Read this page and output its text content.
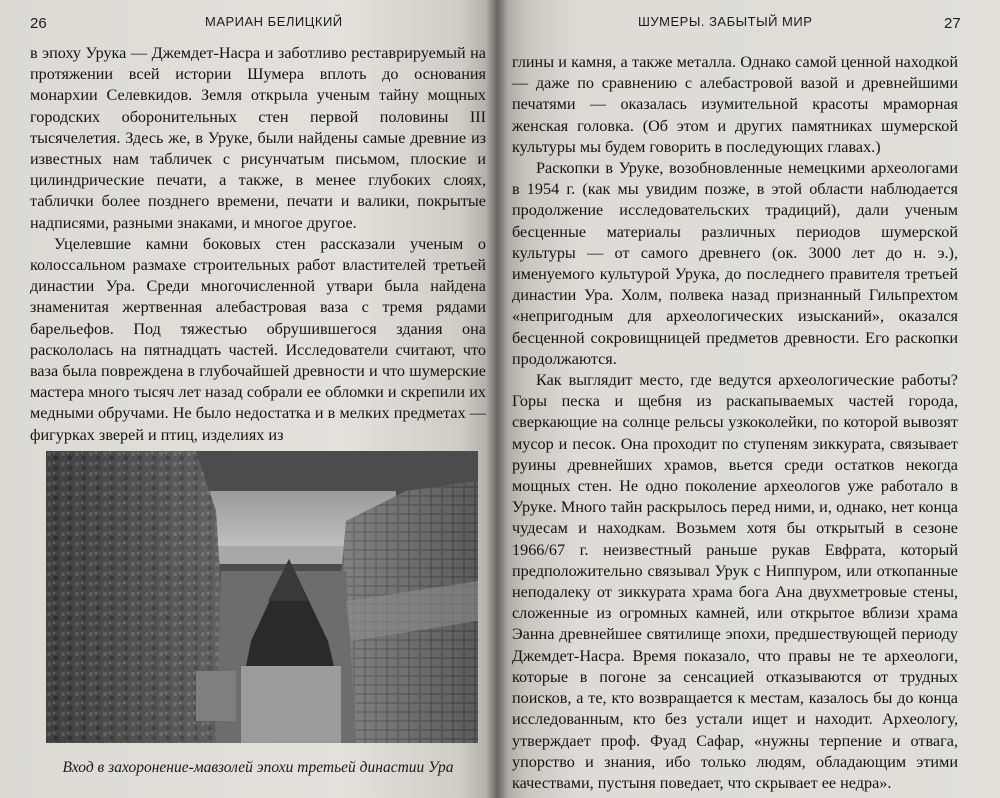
26	МАРИАН БЕЛИЦКИЙ

в эпоху Урука — Джемдет-Насра и заботливо реставрируемый на протяжении всей истории Шумера вплоть до основания монархии Селевкидов. Земля открыла ученым тайну мощных городских оборонительных стен первой половины III тысячелетия. Здесь же, в Уруке, были найдены самые древние из известных нам табличек с рисунчатым письмом, плоские и цилиндрические печати, а также, в менее глубоких слоях, таблички более позднего времени, печати и валики, покрытые надписями, разными знаками, и многое другое.

Уцелевшие камни боковых стен рассказали ученым о колоссальном размахе строительных работ властителей третьей династии Ура. Среди многочисленной утвари была найдена знаменитая жертвенная алебастровая ваза с тремя рядами барельефов. Под тяжестью обрушившегося здания она раскололась на пятнадцать частей. Исследователи считают, что ваза была повреждена в глубочайшей древности и что шумерские мастера много тысяч лет назад собрали ее обломки и скрепили их медными обручами. Не было недостатка и в мелких предметах — фигурках зверей и птиц, изделиях из

Вход в захоронение-мавзолей эпохи третьей династии Ура
ШУМЕРЫ. ЗАБЫТЫЙ МИР	27

глины и камня, а также металла. Однако самой ценной находкой — даже по сравнению с алебастровой вазой и древнейшими печатями — оказалась изумительной красоты мраморная женская головка. (Об этом и других памятниках шумерской культуры мы будем говорить в последующих главах.)

Раскопки в Уруке, возобновленные немецкими археологами в 1954 г. (как мы увидим позже, в этой области наблюдается продолжение исследовательских традиций), дали ученым бесценные материалы различных периодов шумерской культуры — от самого древнего (ок. 3000 лет до н. э.), именуемого культурой Урука, до последнего правителя третьей династии Ура. Холм, полвека назад признанный Гильпрехтом «непригодным для археологических изысканий», оказался бесценной сокровищницей предметов древности. Его раскопки продолжаются.

Как выглядит место, где ведутся археологические работы? Горы песка и щебня из раскапываемых частей города, сверкающие на солнце рельсы узкоколейки, по которой вывозят мусор и песок. Она проходит по ступеням зиккурата, связывает руины древнейших храмов, вьется среди остатков некогда мощных стен. Не одно поколение археологов уже работало в Уруке. Много тайн раскрылось перед ними, и, однако, нет конца чудесам и находкам. Возьмем хотя бы открытый в сезоне 1966/67 г. неизвестный раньше рукав Евфрата, который предположительно связывал Урук с Ниппуром, или откопанные неподалеку от зиккурата храма бога Ана двухметровые стены, сложенные из огромных камней, или открытое вблизи храма Эанна древнейшее святилище эпохи, предшествующей периоду Джемдет-Насра. Время показало, что правы не те археологи, которые в погоне за сенсацией отказываются от трудных поисков, а те, кто возвращается к местам, казалось бы до конца исследованным, кто без устали ищет и находит. Археологу, утверждает проф. Фуад Сафар, «нужны терпение и отвага, упорство и знания, ибо только людям, обладающим этими качествами, пустыня поведает, что скрывает ее недра».
